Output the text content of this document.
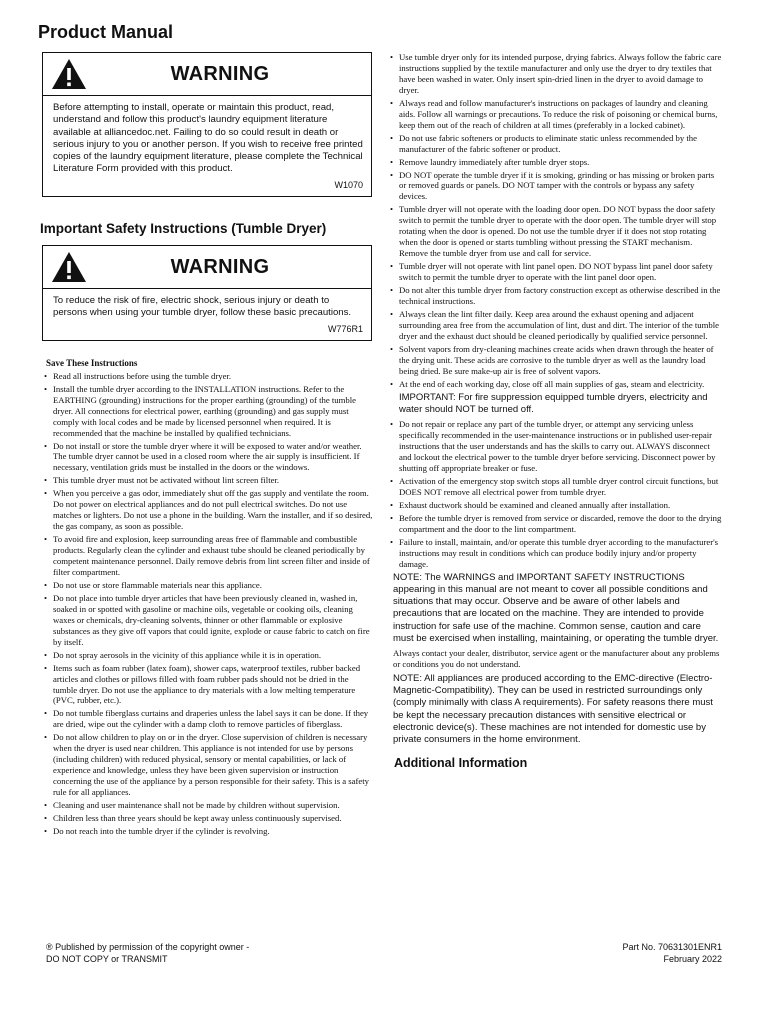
Product Manual
WARNING
Before attempting to install, operate or maintain this product, read, understand and follow this product's laundry equipment literature available at alliancedoc.net. Failing to do so could result in death or serious injury to you or another person. If you wish to receive free printed copies of the laundry equipment literature, please complete the Technical Literature Form provided with this product.
W1070
Important Safety Instructions (Tumble Dryer)
WARNING
To reduce the risk of fire, electric shock, serious injury or death to persons when using your tumble dryer, follow these basic precautions.
W776R1
Save These Instructions
• Read all instructions before using the tumble dryer.
• Install the tumble dryer according to the INSTALLATION instructions. Refer to the EARTHING (grounding) instructions for the proper earthing (grounding) of the tumble dryer. All connections for electrical power, earthing (grounding) and gas supply must comply with local codes and be made by licensed personnel when required. It is recommended that the machine be installed by qualified technicians.
• Do not install or store the tumble dryer where it will be exposed to water and/or weather. The tumble dryer cannot be used in a closed room where the air supply is insufficient. If necessary, ventilation grids must be installed in the doors or the windows.
• This tumble dryer must not be activated without lint screen filter.
• When you perceive a gas odor, immediately shut off the gas supply and ventilate the room. Do not power on electrical appliances and do not pull electrical switches. Do not use matches or lighters. Do not use a phone in the building. Warn the installer, and if so desired, the gas company, as soon as possible.
• To avoid fire and explosion, keep surrounding areas free of flammable and combustible products. Regularly clean the cylinder and exhaust tube should be cleaned periodically by competent maintenance personnel. Daily remove debris from lint screen filter and inside of filter compartment.
• Do not use or store flammable materials near this appliance.
• Do not place into tumble dryer articles that have been previously cleaned in, washed in, soaked in or spotted with gasoline or machine oils, vegetable or cooking oils, cleaning waxes or chemicals, dry-cleaning solvents, thinner or other flammable or explosive substances as they give off vapors that could ignite, explode or cause fabric to catch on fire by itself.
• Do not spray aerosols in the vicinity of this appliance while it is in operation.
• Items such as foam rubber (latex foam), shower caps, waterproof textiles, rubber backed articles and clothes or pillows filled with foam rubber pads should not be dried in the tumble dryer. Do not use the appliance to dry materials with a low melting temperature (PVC, rubber, etc.).
• Do not tumble fiberglass curtains and draperies unless the label says it can be done. If they are dried, wipe out the cylinder with a damp cloth to remove particles of fiberglass.
• Do not allow children to play on or in the dryer. Close supervision of children is necessary when the dryer is used near children. This appliance is not intended for use by persons (including children) with reduced physical, sensory or mental capabilities, or lack of experience and knowledge, unless they have been given supervision or instruction concerning the use of the appliance by a person responsible for their safety. This is a safety rule for all appliances.
• Cleaning and user maintenance shall not be made by children without supervision.
• Children less than three years should be kept away unless continuously supervised.
• Do not reach into the tumble dryer if the cylinder is revolving.
• Use tumble dryer only for its intended purpose, drying fabrics. Always follow the fabric care instructions supplied by the textile manufacturer and only use the dryer to dry textiles that have been washed in water. Only insert spin-dried linen in the dryer to avoid damage to dryer.
• Always read and follow manufacturer's instructions on packages of laundry and cleaning aids. Follow all warnings or precautions. To reduce the risk of poisoning or chemical burns, keep them out of the reach of children at all times (preferably in a locked cabinet).
• Do not use fabric softeners or products to eliminate static unless recommended by the manufacturer of the fabric softener or product.
• Remove laundry immediately after tumble dryer stops.
• DO NOT operate the tumble dryer if it is smoking, grinding or has missing or broken parts or removed guards or panels. DO NOT tamper with the controls or bypass any safety devices.
• Tumble dryer will not operate with the loading door open. DO NOT bypass the door safety switch to permit the tumble dryer to operate with the door open. The tumble dryer will stop rotating when the door is opened. Do not use the tumble dryer if it does not stop rotating when the door is opened or starts tumbling without pressing the START mechanism. Remove the tumble dryer from use and call for service.
• Tumble dryer will not operate with lint panel open. DO NOT bypass lint panel door safety switch to permit the tumble dryer to operate with the lint panel door open.
• Do not alter this tumble dryer from factory construction except as otherwise described in the technical instructions.
• Always clean the lint filter daily. Keep area around the exhaust opening and adjacent surrounding area free from the accumulation of lint, dust and dirt. The interior of the tumble dryer and the exhaust duct should be cleaned periodically by qualified service personnel.
• Solvent vapors from dry-cleaning machines create acids when drawn through the heater of the drying unit. These acids are corrosive to the tumble dryer as well as the laundry load being dried. Be sure make-up air is free of solvent vapors.
• At the end of each working day, close off all main supplies of gas, steam and electricity.

IMPORTANT: For fire suppression equipped tumble dryers, electricity and water should NOT be turned off.

• Do not repair or replace any part of the tumble dryer, or attempt any servicing unless specifically recommended in the user-maintenance instructions or in published user-repair instructions that the user understands and has the skills to carry out. ALWAYS disconnect and lockout the electrical power to the tumble dryer before servicing. Disconnect power by shutting off appropriate breaker or fuse.
• Activation of the emergency stop switch stops all tumble dryer control circuit functions, but DOES NOT remove all electrical power from tumble dryer.
• Exhaust ductwork should be examined and cleaned annually after installation.
• Before the tumble dryer is removed from service or discarded, remove the door to the drying compartment and the door to the lint compartment.
• Failure to install, maintain, and/or operate this tumble dryer according to the manufacturer's instructions may result in conditions which can produce bodily injury and/or property damage.

NOTE: The WARNINGS and IMPORTANT SAFETY INSTRUCTIONS appearing in this manual are not meant to cover all possible conditions and situations that may occur. Observe and be aware of other labels and precautions that are located on the machine. They are intended to provide instruction for safe use of the machine. Common sense, caution and care must be exercised when installing, maintaining, or operating the tumble dryer.

Always contact your dealer, distributor, service agent or the manufacturer about any problems or conditions you do not understand.

NOTE: All appliances are produced according to the EMC-directive (Electro-Magnetic-Compatibility). They can be used in restricted surroundings only (comply minimally with class A requirements). For safety reasons there must be kept the necessary precaution distances with sensitive electrical or electronic device(s). These machines are not intended for domestic use by private consumers in the home environment.

Additional Information
® Published by permission of the copyright owner -
DO NOT COPY or TRANSMIT
Part No. 70631301ENR1
February 2022
